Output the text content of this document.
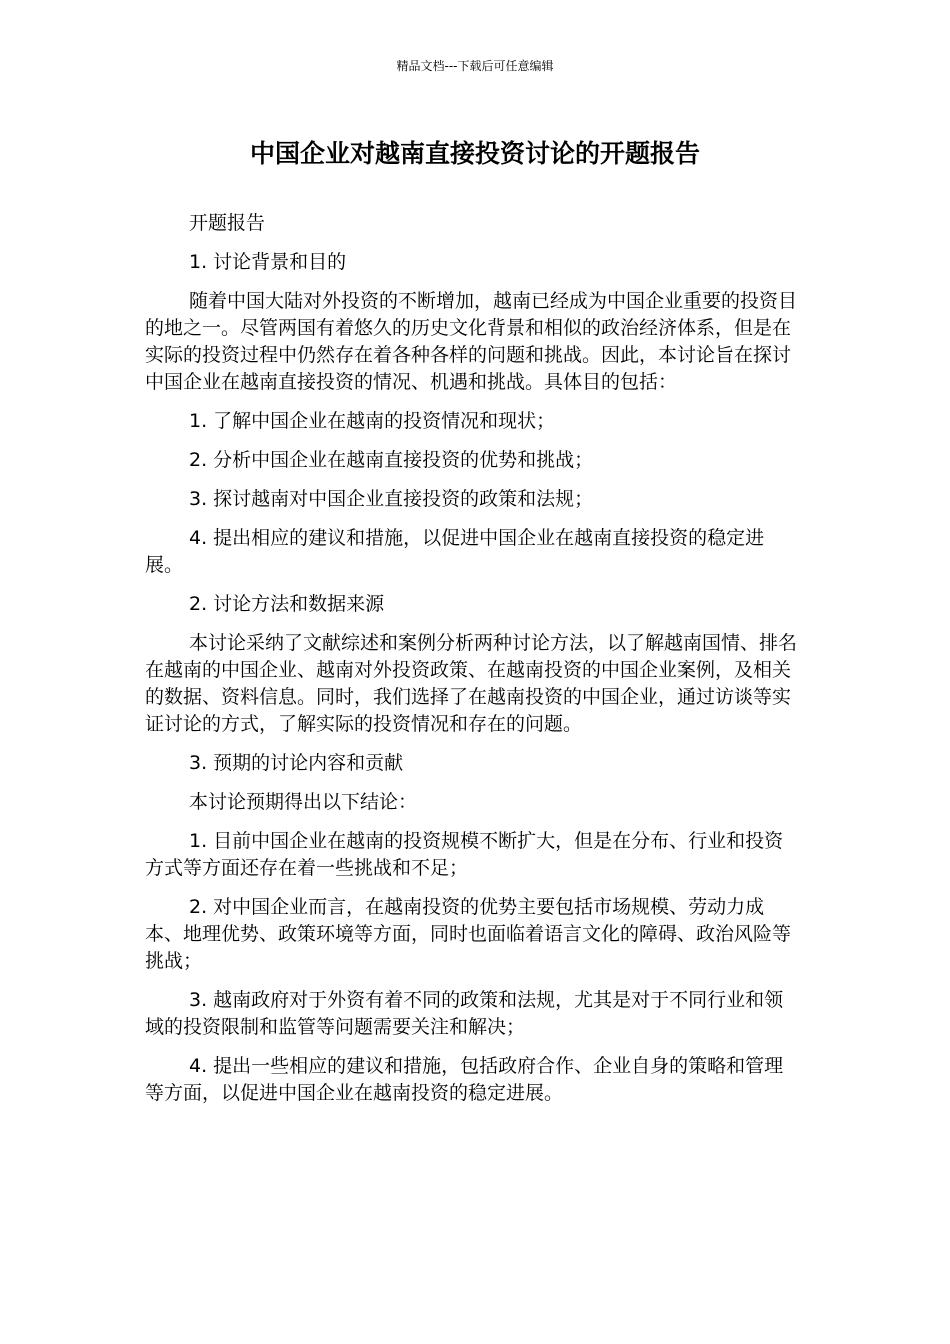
精品文档---下载后可任意编辑
中国企业对越南直接投资讨论的开题报告

开题报告

1. 讨论背景和目的

随着中国大陆对外投资的不断增加，越南已经成为中国企业重要的投资目的地之一。尽管两国有着悠久的历史文化背景和相似的政治经济体系，但是在实际的投资过程中仍然存在着各种各样的问题和挑战。因此，本讨论旨在探讨中国企业在越南直接投资的情况、机遇和挑战。具体目的包括：

1. 了解中国企业在越南的投资情况和现状；

2. 分析中国企业在越南直接投资的优势和挑战；

3. 探讨越南对中国企业直接投资的政策和法规；

4. 提出相应的建议和措施，以促进中国企业在越南直接投资的稳定进展。

2. 讨论方法和数据来源

本讨论采纳了文献综述和案例分析两种讨论方法，以了解越南国情、排名在越南的中国企业、越南对外投资政策、在越南投资的中国企业案例，及相关的数据、资料信息。同时，我们选择了在越南投资的中国企业，通过访谈等实证讨论的方式，了解实际的投资情况和存在的问题。

3. 预期的讨论内容和贡献

本讨论预期得出以下结论：

1. 目前中国企业在越南的投资规模不断扩大，但是在分布、行业和投资方式等方面还存在着一些挑战和不足；

2. 对中国企业而言，在越南投资的优势主要包括市场规模、劳动力成本、地理优势、政策环境等方面，同时也面临着语言文化的障碍、政治风险等挑战；

3. 越南政府对于外资有着不同的政策和法规，尤其是对于不同行业和领域的投资限制和监管等问题需要关注和解决；

4. 提出一些相应的建议和措施，包括政府合作、企业自身的策略和管理等方面，以促进中国企业在越南投资的稳定进展。
